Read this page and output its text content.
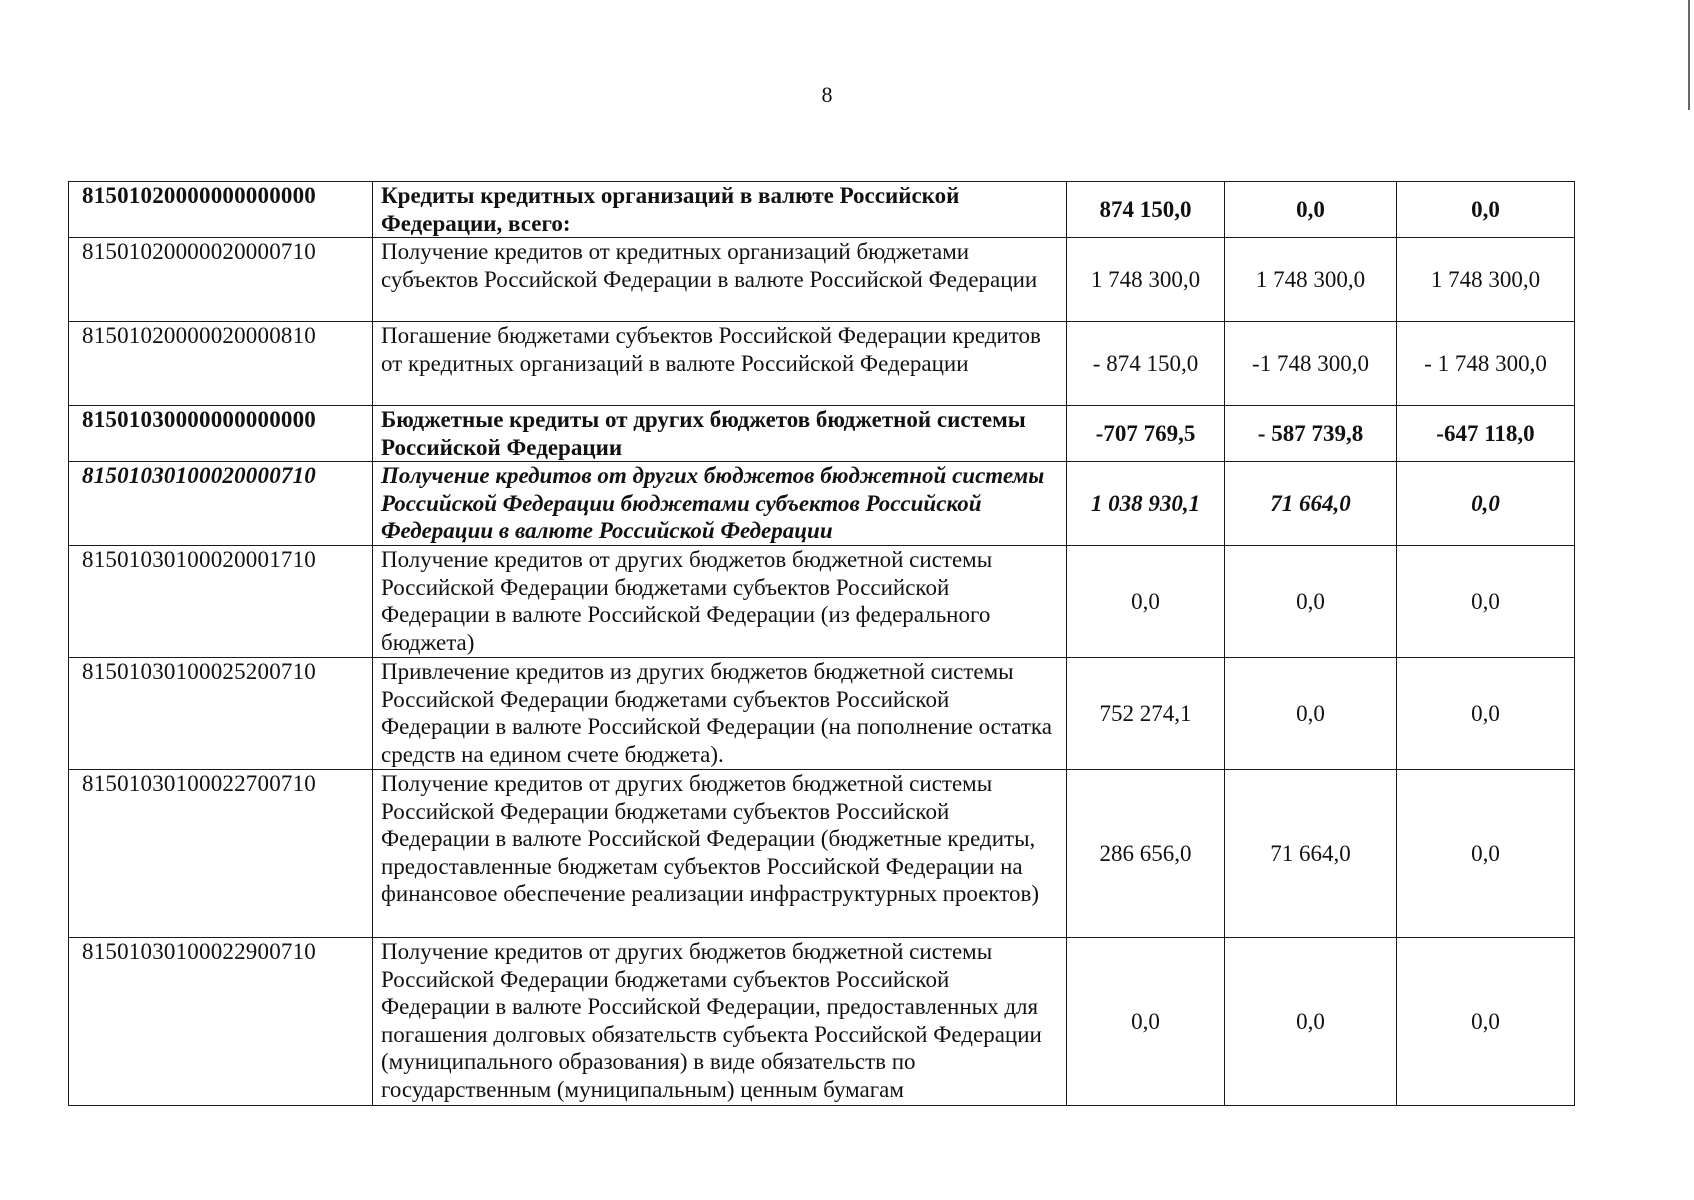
8
81501020000000000000	Кредиты кредитных организаций в валюте Российской Федерации, всего:	874 150,0	0,0	0,0
81501020000020000710	Получение кредитов от кредитных организаций бюджетами субъектов Российской Федерации в валюте Российской Федерации	1 748 300,0	1 748 300,0	1 748 300,0
81501020000020000810	Погашение бюджетами субъектов Российской Федерации кредитов от кредитных организаций в валюте Российской Федерации	- 874 150,0	-1 748 300,0	- 1 748 300,0
81501030000000000000	Бюджетные кредиты от других бюджетов бюджетной системы Российской Федерации	-707 769,5	- 587 739,8	-647 118,0
81501030100020000710	Получение кредитов от других бюджетов бюджетной системы Российской Федерации бюджетами субъектов Российской Федерации в валюте Российской Федерации	1 038 930,1	71 664,0	0,0
81501030100020001710	Получение кредитов от других бюджетов бюджетной системы Российской Федерации бюджетами субъектов Российской Федерации в валюте Российской Федерации (из федерального бюджета)	0,0	0,0	0,0
81501030100025200710	Привлечение кредитов из других бюджетов бюджетной системы Российской Федерации бюджетами субъектов Российской Федерации в валюте Российской Федерации (на пополнение остатка средств на едином счете бюджета).	752 274,1	0,0	0,0
81501030100022700710	Получение кредитов от других бюджетов бюджетной системы Российской Федерации бюджетами субъектов Российской Федерации в валюте Российской Федерации (бюджетные кредиты, предоставленные бюджетам субъектов Российской Федерации на финансовое обеспечение реализации инфраструктурных проектов)	286 656,0	71 664,0	0,0
81501030100022900710	Получение кредитов от других бюджетов бюджетной системы Российской Федерации бюджетами субъектов Российской Федерации в валюте Российской Федерации, предоставленных для погашения долговых обязательств субъекта Российской Федерации (муниципального образования) в виде обязательств по государственным (муниципальным) ценным бумагам	0,0	0,0	0,0
